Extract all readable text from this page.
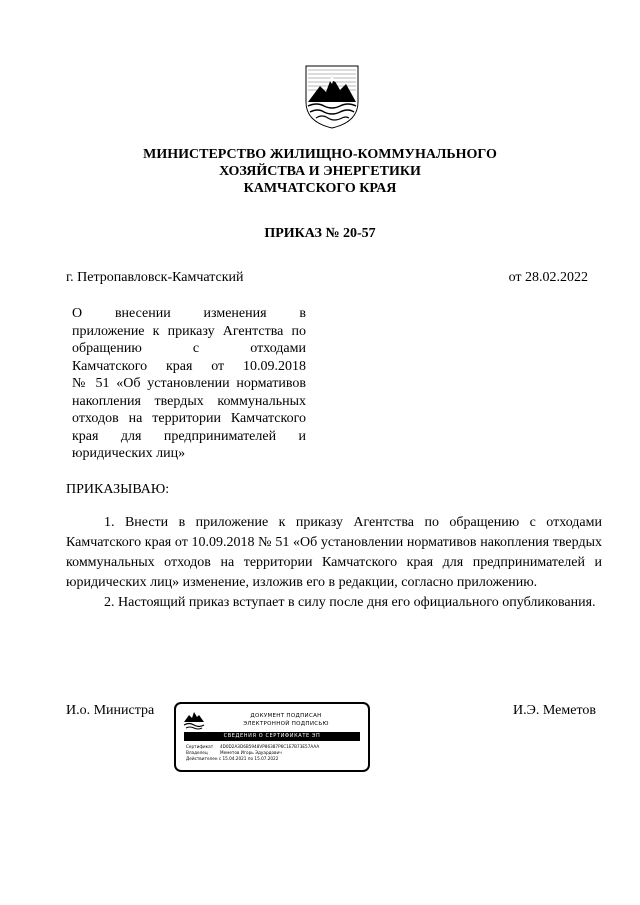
МИНИСТЕРСТВО ЖИЛИЩНО-КОММУНАЛЬНОГО
ХОЗЯЙСТВА И ЭНЕРГЕТИКИ
КАМЧАТСКОГО КРАЯ
ПРИКАЗ № 20-57
г. Петропавловск-Камчатский	от 28.02.2022
О внесении изменения в
приложение к приказу Агентства по
обращению с отходами
Камчатского края от 10.09.2018
№ 51 «Об установлении нормативов
накопления твердых коммунальных
отходов на территории Камчатского
края для предпринимателей и
юридических лиц»
ПРИКАЗЫВАЮ:

1. Внести в приложение к приказу Агентства по обращению с отходами Камчатского края от 10.09.2018 № 51 «Об установлении нормативов накопления твердых коммунальных отходов на территории Камчатского края для предпринимателей и юридических лиц» изменение, изложив его в редакции, согласно приложению.

2. Настоящий приказ вступает в силу после дня его официального опубликования.

И.о. Министра	ДОКУМЕНТ ПОДПИСАН
ЭЛЕКТРОННОЙ ПОДПИСЬЮ
СВЕДЕНИЯ О СЕРТИФИКАТЕ ЭП
Сертификат 4D0D2A3D6B5948VP86387P6C1E7B73E57AAA
Владелец	Меметов Игорь Эдуардович
Действителен с 15.04.2021 по 15.07.2022
И.Э. Меметов
